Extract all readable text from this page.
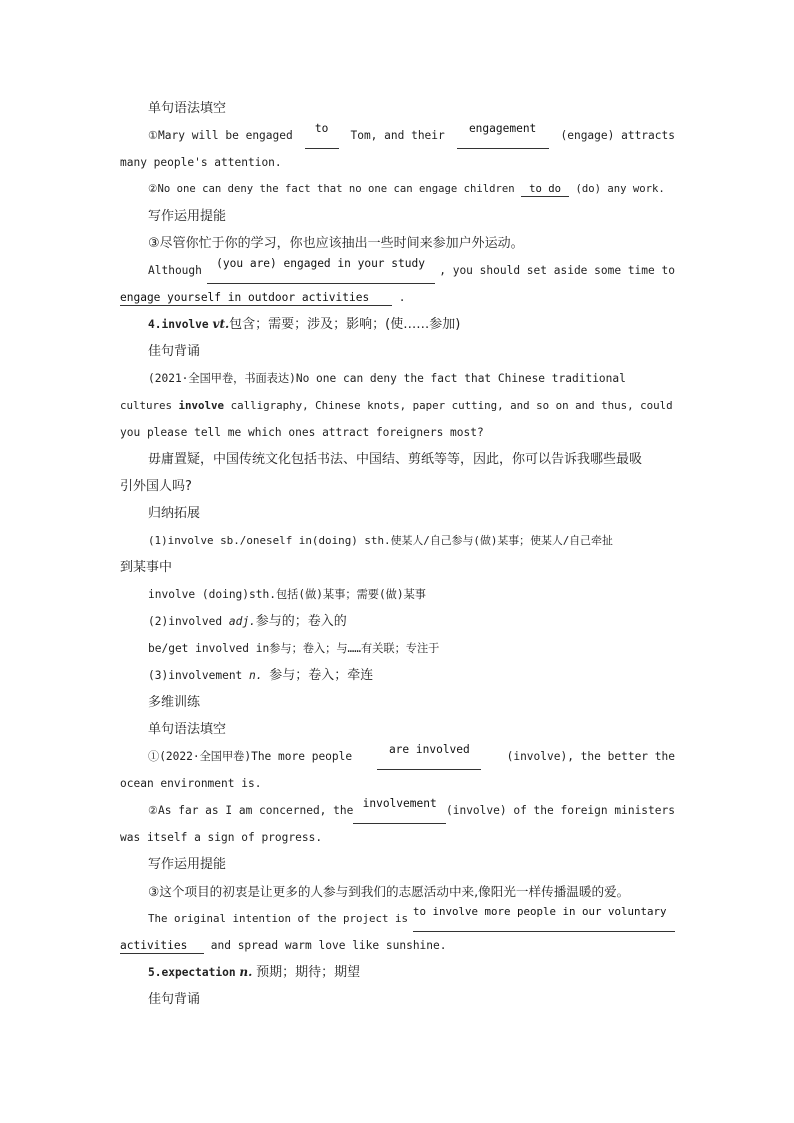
单句语法填空
①Mary will be engaged
to
Tom, and their
engagement
(engage) attracts
many people's attention.
②No one can deny the fact that no one can engage children to do (do) any work.
写作运用提能
③尽管你忙于你的学习，你也应该抽出一些时间来参加户外运动。
Although
(you are) engaged in your study
, you should set aside some time to
engage yourself in outdoor activities	.
4.involve vt.包含；需要；涉及；影响；(使……参加)
佳句背诵
(2021·全国甲卷，书面表达)No one can deny the fact that Chinese traditional
cultures involve calligraphy, Chinese knots, paper cutting, and so on and thus, could
you please tell me which ones attract foreigners most?
毋庸置疑，中国传统文化包括书法、中国结、剪纸等等，因此，你可以告诉我哪些最吸
引外国人吗?
归纳拓展
(1)involve sb./oneself in(doing) sth.使某人/自己参与(做)某事；使某人/自己牵扯
到某事中
involve (doing)sth.包括(做)某事；需要(做)某事
(2)involved adj.参与的；卷入的
be/get involved in参与；卷入；与……有关联；专注于
(3)involvement n. 参与；卷入；牵连
多维训练
单句语法填空
①(2022·全国甲卷)The more people
are involved
(involve), the better the
ocean environment is.
②As far as I am concerned, the
involvement
(involve) of the foreign ministers
was itself a sign of progress.
写作运用提能
③这个项目的初衷是让更多的人参与到我们的志愿活动中来,像阳光一样传播温暖的爱。
The original intention of the project is
to involve more people in our voluntary
activities and spread warm love like sunshine.
5.expectation n. 预期；期待；期望
佳句背诵
